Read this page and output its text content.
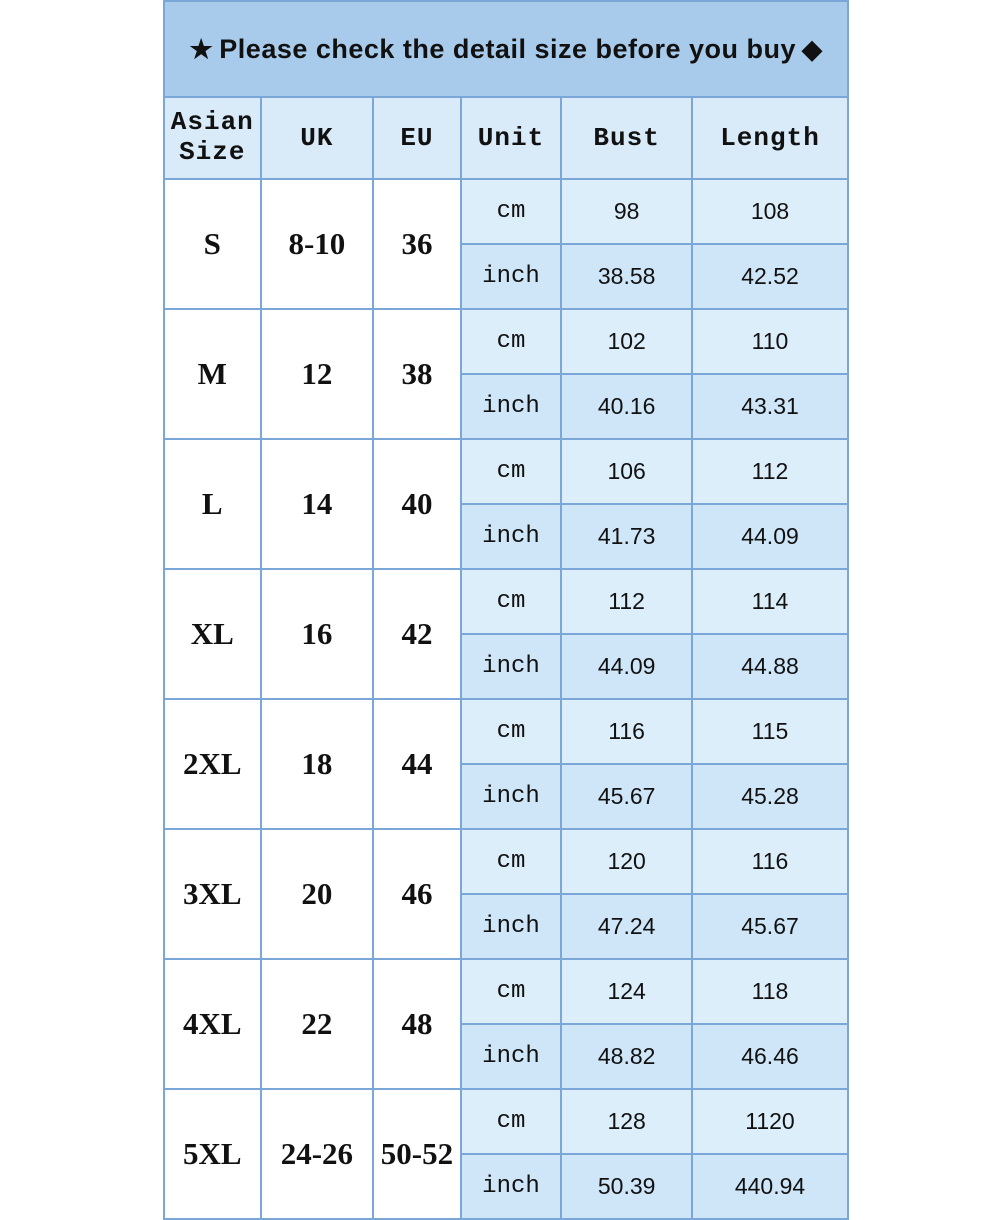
★ Please check the detail size before you buy ◆					

Asian
Size	UK	EU	Unit	Bust	Length
S	8-10	36	cm	98	108
			inch	38.58	42.52
M	12	38	cm	102	110
			inch	40.16	43.31
L	14	40	cm	106	112
			inch	41.73	44.09
XL	16	42	cm	112	114
			inch	44.09	44.88
2XL	18	44	cm	116	115
			inch	45.67	45.28
3XL	20	46	cm	120	116
			inch	47.24	45.67
4XL	22	48	cm	124	118
			inch	48.82	46.46
5XL	24-26	50-52	cm	128	1120
			inch	50.39	440.94
